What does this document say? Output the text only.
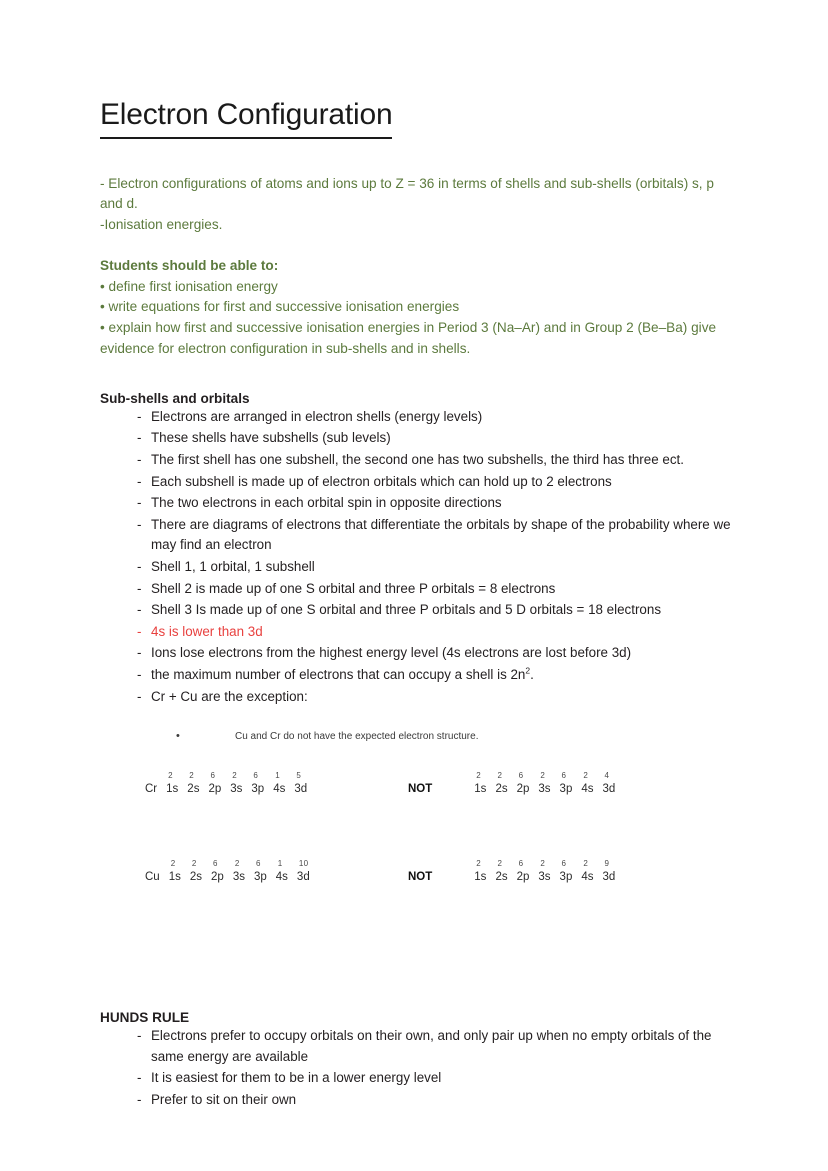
Electron Configuration

- Electron configurations of atoms and ions up to Z = 36 in terms of shells and sub-shells (orbitals) s, p and d.

-Ionisation energies.

Students should be able to:

• define first ionisation energy

• write equations for first and successive ionisation energies

• explain how first and successive ionisation energies in Period 3 (Na–Ar) and in Group 2 (Be–Ba) give evidence for electron configuration in sub-shells and in shells.

Sub-shells and orbitals

- Electrons are arranged in electron shells (energy levels)
- These shells have subshells (sub levels)
- The first shell has one subshell, the second one has two subshells, the third has three ect.
- Each subshell is made up of electron orbitals which can hold up to 2 electrons
- The two electrons in each orbital spin in opposite directions
- There are diagrams of electrons that differentiate the orbitals by shape of the probability where we may find an electron
- Shell 1, 1 orbital, 1 subshell
- Shell 2 is made up of one S orbital and three P orbitals = 8 electrons
- Shell 3 Is made up of one S orbital and three P orbitals and 5 D orbitals = 18 electrons
- 4s is lower than 3d
- Ions lose electrons from the highest energy level (4s electrons are lost before 3d)
- the maximum number of electrons that can occupy a shell is $2n^2$.
- Cr + Cu are the exception:
• Cu and Cr do not have the expected electron structure.
Cr
2
1s
2
2s
6
2p
2
3s
6
3p
1
4s
5
3d	NOT
2
1s
2
2s
6
2p
2
3s
6
3p
2
4s
4
3d
Cu
2
1s
2
2s
6
2p
2
3s
6
3p
1
4s
10
3d	NOT
2
1s
2
2s
6
2p
2
3s
6
3p
2
4s
9
3d

HUNDS RULE

- Electrons prefer to occupy orbitals on their own, and only pair up when no empty orbitals of the same energy are available
- It is easiest for them to be in a lower energy level
- Prefer to sit on their own
